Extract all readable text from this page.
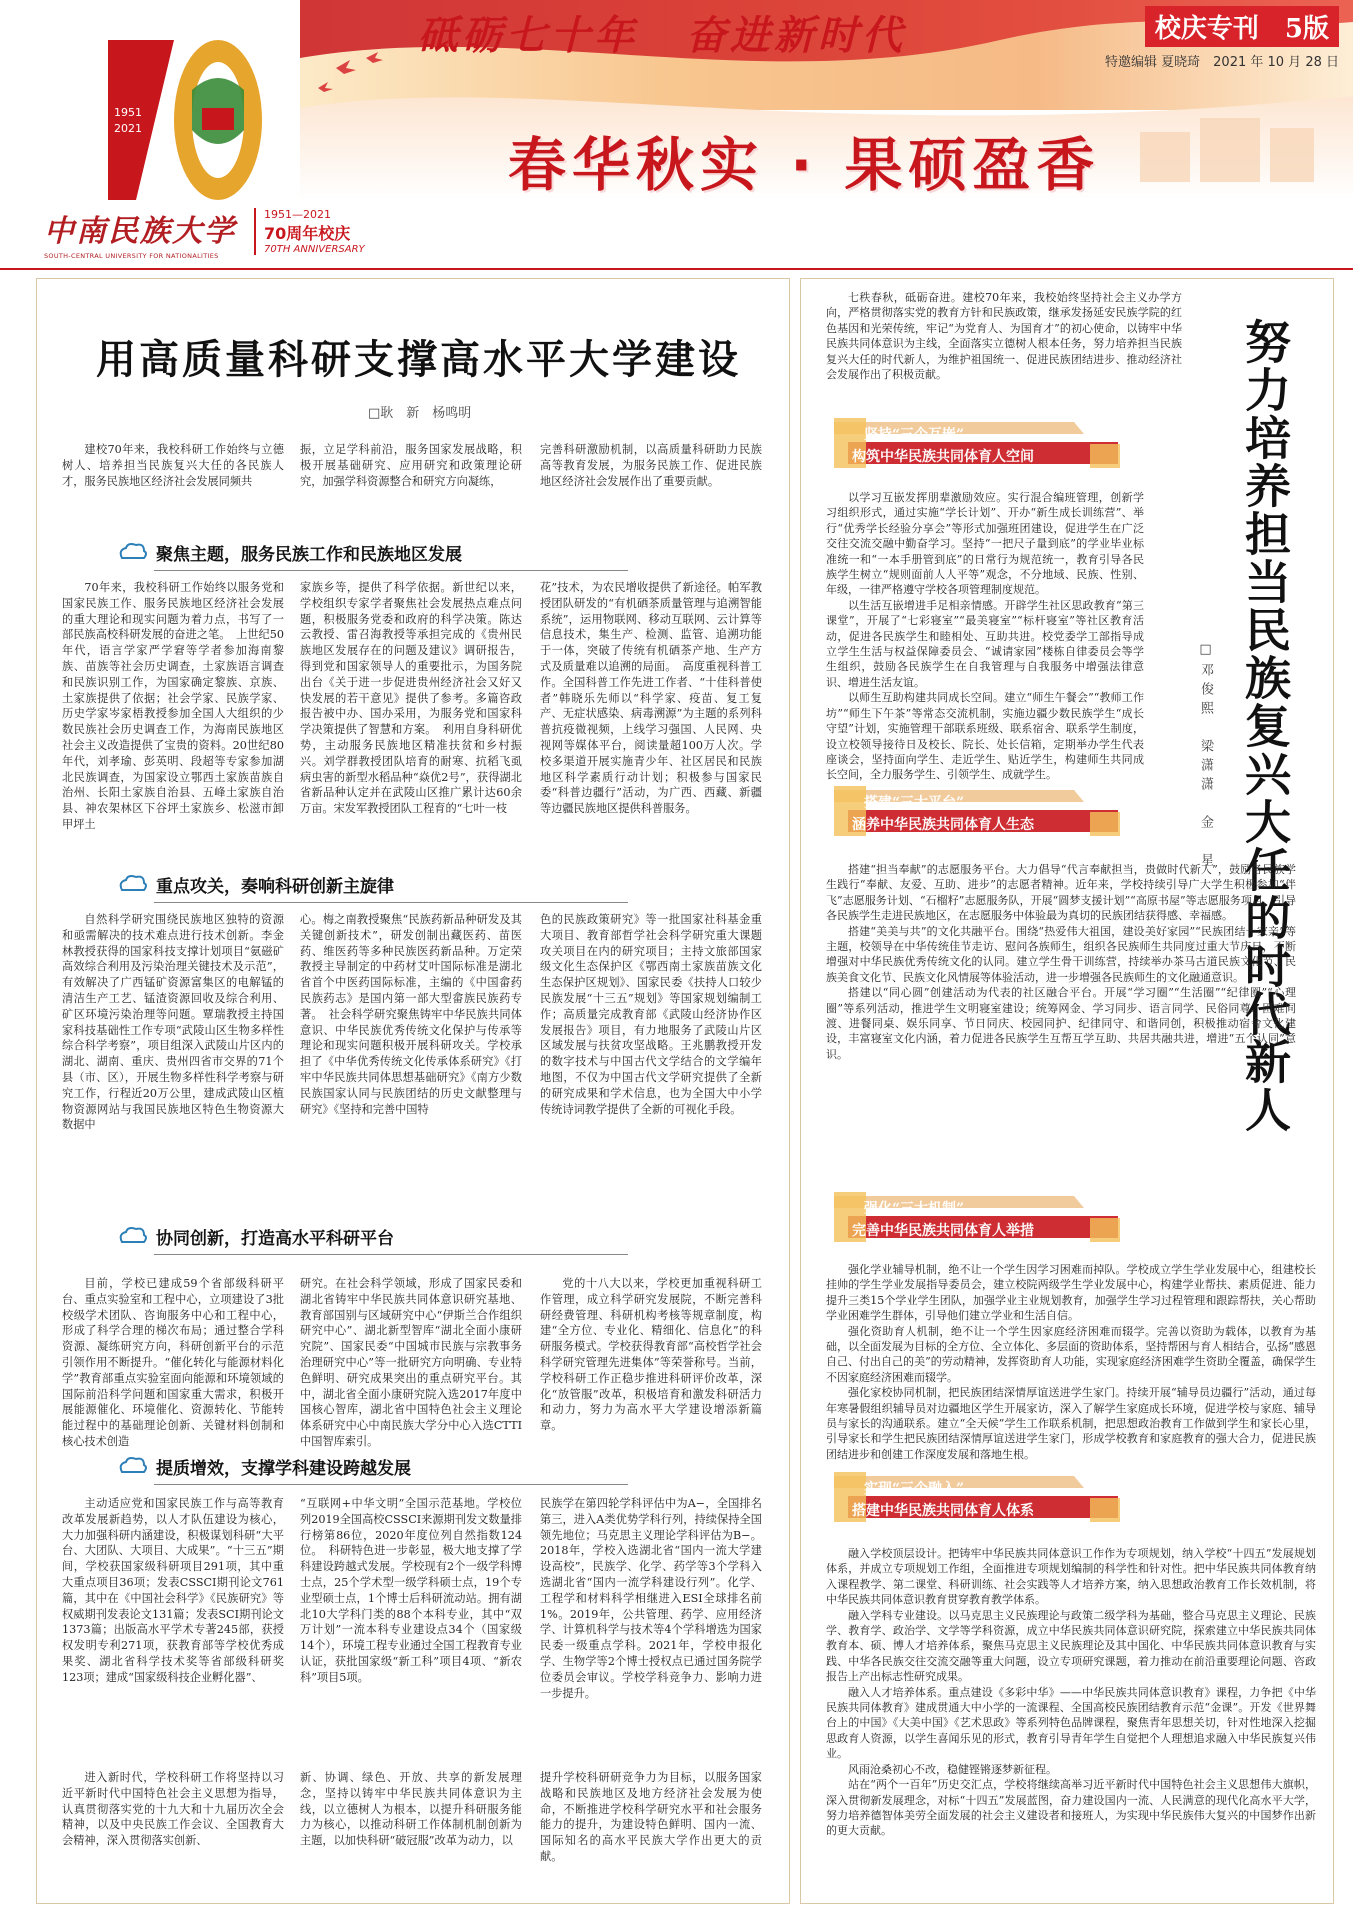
1951
2021
砥砺七十年 奋进新时代	校庆专刊　5版
特邀编辑 夏晓琦　2021 年 10 月 28 日
春华秋实 · 果硕盈香
中南民族大学
SOUTH-CENTRAL UNIVERSITY FOR NATIONALITIES
1951—2021
70周年校庆
70TH ANNIVERSARY
用高质量科研支撑高水平大学建设
□耿　新　杨鸣明

建校70年来，我校科研工作始终与立德树人、培养担当民族复兴大任的各民族人才，服务民族地区经济社会发展同频共

振，立足学科前沿，服务国家发展战略，积极开展基础研究、应用研究和政策理论研究，加强学科资源整合和研究方向凝练，

完善科研激励机制，以高质量科研助力民族高等教育发展，为服务民族工作、促进民族地区经济社会发展作出了重要贡献。

聚焦主题，服务民族工作和民族地区发展

70年来，我校科研工作始终以服务党和国家民族工作、服务民族地区经济社会发展的重大理论和现实问题为着力点，书写了一部民族高校科研发展的奋进之笔。　上世纪50年代，语言学家严学窘等学者参加海南黎族、苗族等社会历史调查，土家族语言调查和民族识别工作，为国家确定黎族、京族、土家族提供了依据；社会学家、民族学家、历史学家岑家梧教授参加全国人大组织的少数民族社会历史调查工作，为海南民族地区社会主义改造提供了宝贵的资料。20世纪80年代，刘孝瑜、彭英明、段超等专家参加湖北民族调查，为国家设立鄂西土家族苗族自治州、长阳土家族自治县、五峰土家族自治县、神农架林区下谷坪土家族乡、松滋市卸甲坪土

家族乡等，提供了科学依据。新世纪以来，学校组织专家学者聚焦社会发展热点难点问题，积极服务党委和政府的科学决策。陈达云教授、雷召海教授等承担完成的《贵州民族地区发展存在的问题及建议》调研报告，得到党和国家领导人的重要批示，为国务院出台《关于进一步促进贵州经济社会又好又快发展的若干意见》提供了参考。多篇咨政报告被中办、国办采用，为服务党和国家科学决策提供了智慧和方案。　利用自身科研优势，主动服务民族地区精准扶贫和乡村振兴。刘学群教授团队培育的耐寒、抗稻飞虱病虫害的新型水稻品种“焱优2号”，获得湖北省新品种认定并在武陵山区推广累计达60余万亩。宋发军教授团队工程育的“七叶一枝

花”技术，为农民增收提供了新途径。帕军教授团队研发的“有机硒茶质量管理与追溯智能系统”，运用物联网、移动互联网、云计算等信息技术，集生产、检测、监管、追溯功能于一体，突破了传统有机硒茶产地、生产方式及质量难以追溯的局面。　高度重视科普工作。全国科普工作先进工作者、“十佳科普使者”韩晓乐先师以“科学家、疫苗、复工复产、无症状感染、病毒溯源”为主题的系列科普抗疫微视频，上线学习强国、人民网、央视网等媒体平台，阅读量超100万人次。学校多渠道开展实施青少年、社区居民和民族地区科学素质行动计划；积极参与国家民委“科普边疆行”活动，为广西、西藏、新疆等边疆民族地区提供科普服务。

重点攻关，奏响科研创新主旋律

自然科学研究围绕民族地区独特的资源和亟需解决的技术难点进行技术创新。李金林教授获得的国家科技支撑计划项目“氨磁矿高效综合利用及污染治理关键技术及示范”，有效解决了广西锰矿资源富集区的电解锰的清洁生产工艺、锰渣资源回收及综合利用、矿区环境污染治理等问题。覃瑞教授主持国家科技基础性工作专项“武陵山区生物多样性综合科学考察”，项目组深入武陵山片区内的湖北、湖南、重庆、贵州四省市交界的71个县（市、区），开展生物多样性科学考察与研究工作，行程近20万公里，建成武陵山区植物资源网站与我国民族地区特色生物资源大数据中

心。梅之南教授聚焦“民族药新品种研发及其关键创新技术”，研发创制出藏医药、苗医药、维医药等多种民族医药新品种。万定荣教授主导制定的中药材艾叶国际标准是湖北省首个中医药国际标准，主编的《中国畲药民族药志》是国内第一部大型畲族民族药专著。　社会科学研究聚焦铸牢中华民族共同体意识、中华民族优秀传统文化保护与传承等理论和现实问题积极开展科研攻关。学校承担了《中华优秀传统文化传承体系研究》《打牢中华民族共同体思想基础研究》《南方少数民族国家认同与民族团结的历史文献整理与研究》《坚持和完善中国特

色的民族政策研究》等一批国家社科基金重大项目、教育部哲学社会科学研究重大课题攻关项目在内的研究项目；主持文旅部国家级文化生态保护区《鄂西南土家族苗族文化生态保护区规划》、国家民委《扶持人口较少民族发展“十三五”规划》等国家规划编制工作；高质量完成教育部《武陵山经济协作区发展报告》项目，有力地服务了武陵山片区区域发展与扶贫攻坚战略。王兆鹏教授开发的数字技术与中国古代文学结合的文学编年地图，不仅为中国古代文学研究提供了全新的研究成果和学术信息，也为全国大中小学传统诗词教学提供了全新的可视化手段。

协同创新，打造高水平科研平台

目前，学校已建成59个省部级科研平台、重点实验室和工程中心，立项建设了3批校级学术团队、咨询服务中心和工程中心，形成了科学合理的梯次布局；通过整合学科资源、凝练研究方向，科研创新平台的示范引领作用不断提升。“催化转化与能源材料化学”教育部重点实验室面向能源和环境领域的国际前沿科学问题和国家重大需求，积极开展能源催化、环境催化、资源转化、节能转能过程中的基础理论创新、关键材料创制和核心技术创造

研究。在社会科学领域，形成了国家民委和湖北省铸牢中华民族共同体意识研究基地、教育部国别与区域研究中心“伊斯兰合作组织研究中心”、湖北新型智库“湖北全面小康研究院”、国家民委“中国城市民族与宗教事务治理研究中心”等一批研究方向明确、专业特色鲜明、研究成果突出的重点研究平台。其中，湖北省全面小康研究院入选2017年度中国核心智库，湖北省中国特色社会主义理论体系研究中心中南民族大学分中心入选CTTI中国智库索引。

党的十八大以来，学校更加重视科研工作管理，成立科学研究发展院，不断完善科研经费管理、科研机构考核等规章制度，构建“全方位、专业化、精细化、信息化”的科研服务模式。学校获得教育部“高校哲学社会科学研究管理先进集体”等荣誉称号。当前，学校科研工作正稳步推进科研评价改革，深化“放管服”改革，积极培育和激发科研活力和动力，努力为高水平大学建设增添新篇章。

提质增效，支撑学科建设跨越发展

主动适应党和国家民族工作与高等教育改革发展新趋势，以人才队伍建设为核心，大力加强科研内涵建设，积极谋划科研“大平台、大团队、大项目、大成果”。“十三五”期间，学校获国家级科研项目291项，其中重大重点项目36项；发表CSSCI期刊论文761篇，其中在《中国社会科学》《民族研究》等权威期刊发表论文131篇；发表SCI期刊论文1373篇；出版高水平学术专著245部，获授权发明专利271项，获教育部等学校优秀成果奖、湖北省科学技术奖等省部级科研奖123项；建成“国家级科技企业孵化器”、

“互联网+中华文明”全国示范基地。学校位列2019全国高校CSSCI来源期刊发文数量排行榜第86位，2020年度位列自然指数124位。　科研特色进一步彰显，极大地支撑了学科建设跨越式发展。学校现有2个一级学科博士点，25个学术型一级学科硕士点，19个专业型硕士点，1个博士后科研流动站。拥有湖北10大学科门类的88个本科专业，其中“双万计划”一流本科专业建设点34个（国家级14个），环境工程专业通过全国工程教育专业认证，获批国家级“新工科”项目4项、“新农科”项目5项。

民族学在第四轮学科评估中为A−，全国排名第三，进入A类优势学科行列，持续保持全国领先地位；马克思主义理论学科评估为B−。2018年，学校入选湖北省“国内一流大学建设高校”，民族学、化学、药学等3个学科入选湖北省“国内一流学科建设行列”。化学、工程学和材料科学相继进入ESI全球排名前1%。2019年，公共管理、药学、应用经济学、计算机科学与技术等4个学科增选为国家民委一级重点学科。2021年，学校申报化学、生物学等2个博士授权点已通过国务院学位委员会审议。学校学科竞争力、影响力进一步提升。

进入新时代，学校科研工作将坚持以习近平新时代中国特色社会主义思想为指导，认真贯彻落实党的十九大和十九届历次全会精神，以及中央民族工作会议、全国教育大会精神，深入贯彻落实创新、

新、协调、绿色、开放、共享的新发展理念，坚持以铸牢中华民族共同体意识为主线，以立德树人为根本，以提升科研服务能力为核心，以推动科研工作体制机制创新为主题，以加快科研“破冠服”改革为动力，以

提升学校科研研竞争力为目标，以服务国家战略和民族地区及地方经济社会发展为使命，不断推进学校科学研究水平和社会服务能力的提升，为建设特色鲜明、国内一流、国际知名的高水平民族大学作出更大的贡献。

努力培养担当民族复兴大任的时代新人
□邓俊熙　梁潇潇　金　星

七秩春秋，砥砺奋进。建校70年来，我校始终坚持社会主义办学方向，严格贯彻落实党的教育方针和民族政策，继承发扬延安民族学院的红色基因和光荣传统，牢记“为党育人、为国育才”的初心使命，以铸牢中华民族共同体意识为主线，全面落实立德树人根本任务，努力培养担当民族复兴大任的时代新人，为维护祖国统一、促进民族团结进步、推动经济社会发展作出了积极贡献。

坚持“三个互嵌”，
构筑中华民族共同体育人空间

以学习互嵌发挥朋辈激励效应。实行混合编班管理，创新学习组织形式，通过实施“学长计划”、开办“新生成长训练营”、举行“优秀学长经验分享会”等形式加强班团建设，促进学生在广泛交往交流交融中勤奋学习。坚持“一把尺子量到底”的学业毕业标准统一和“一本手册管到底”的日常行为规范统一，教育引导各民族学生树立“规则面前人人平等”观念，不分地域、民族、性别、年级，一律严格遵守学校各项管理制度规范。

以生活互嵌增进手足相亲情感。开辟学生社区思政教育“第三课堂”，开展了“七彩寝室”“最美寝室”“标杆寝室”等社区教育活动，促进各民族学生和睦相处、互助共进。校党委学工部指导成立学生生活与权益保障委员会、“诚请家园”楼栋自律委员会等学生组织，鼓励各民族学生在自我管理与自我服务中增强法律意识、增进生活友谊。

以师生互助构建共同成长空间。建立“师生午餐会”“教师工作坊”“师生下午茶”等常态交流机制，实施边疆少数民族学生“成长守望”计划，实施管理干部联系班级、联系宿舍、联系学生制度，设立校领导接待日及校长、院长、处长信箱，定期举办学生代表座谈会，坚持面向学生、走近学生、贴近学生，构建师生共同成长空间，全力服务学生、引领学生、成就学生。

搭建“三大平台”，
涵养中华民族共同体育人生态

搭建“担当奉献”的志愿服务平台。大力倡导“代言奉献担当，贵做时代新人”，鼓励各民族学生践行“奉献、友爱、互助、进步”的志愿者精神。近年来，学校持续引导广大学生积极参加“伴飞”志愿服务计划、“石榴籽”志愿服务队，开展“圆梦支援计划”“高原书屋”等志愿服务项目，引导各民族学生走进民族地区，在志愿服务中体验最为真切的民族团结获得感、幸福感。

搭建“美美与共”的文化共融平台。围绕“热爱伟大祖国，建设美好家园”“民族团结一家亲”等主题，校领导在中华传统佳节走访、慰问各族师生，组织各民族师生共同度过重大节庆日，不断增强对中华民族优秀传统文化的认同。建立学生骨干训练营，持续举办茶马古道民族文化节、民族美食文化节、民族文化风情展等体验活动，进一步增强各民族师生的文化融通意识。

搭建以“同心圆”创建活动为代表的社区融合平台。开展“学习圈”“生活圈”“纪律圈”“心理圈”等系列活动，推进学生文明寝室建设；统筹网金、学习同步、语言同学、民俗同尊、困难同渡、进餐同桌、娱乐同享、节日同庆、校园同护、纪律同守、和谐同创，积极推动宿舍文化建设，丰富寝室文化内涵，着力促进各民族学生互帮互学互助、共居共融共进，增进“五个认同”意识。

强化“三大机制”，
完善中华民族共同体育人举措

强化学业辅导机制，绝不让一个学生因学习困难而掉队。学校成立学生学业发展中心，组建校长挂帅的学生学业发展指导委员会，建立校院两级学生学业发展中心，构建学业帮扶、素质促进、能力提升三类15个学业学生团队，加强学业主业规划教育，加强学生学习过程管理和跟踪帮扶，关心帮助学业困难学生群体，引导他们建立学业和生活自信。

强化资助育人机制，绝不让一个学生因家庭经济困难而辍学。完善以资助为载体，以教育为基础，以全面发展为目标的全方位、全立体化、多层面的资助体系，坚持帮困与育人相结合，弘扬“感恩自己、付出自己的美”的劳动精神，发挥资助育人功能，实现家庭经济困难学生资助全覆盖，确保学生不因家庭经济困难而辍学。

强化家校协同机制，把民族团结深情厚谊送进学生家门。持续开展“辅导员边疆行”活动，通过每年寒暑假组织辅导员对边疆地区学生开展家访，深入了解学生家庭成长环境，促进学校与家庭、辅导员与家长的沟通联系。建立“全天候”学生工作联系机制，把思想政治教育工作做到学生和家长心里，引导家长和学生把民族团结深情厚谊送进学生家门，形成学校教育和家庭教育的强大合力，促进民族团结进步和创建工作深度发展和落地生根。

实现“三个融入”，
搭建中华民族共同体育人体系

融入学校顶层设计。把铸牢中华民族共同体意识工作作为专项规划，纳入学校“十四五”发展规划体系，并成立专项规划工作组，全面推进专项规划编制的科学性和针对性。把中华民族共同体教育纳入课程教学、第二课堂、科研训练、社会实践等人才培养方案，纳入思想政治教育工作长效机制，将中华民族共同体意识教育贯穿教育教学体系。

融入学科专业建设。以马克思主义民族理论与政策二级学科为基础，整合马克思主义理论、民族学、教育学、政治学、文学等学科资源，成立中华民族共同体意识研究院，探索建立中华民族共同体教育本、硕、博人才培养体系，聚焦马克思主义民族理论及其中国化、中华民族共同体意识教育与实践、中华各民族交往交流交融等重大问题，设立专项研究课题，着力推动在前沿重要理论问题、咨政报告上产出标志性研究成果。

融入人才培养体系。重点建设《多彩中华》——中华民族共同体意识教育》课程，力争把《中华民族共同体教育》建成贯通大中小学的一流课程、全国高校民族团结教育示范“金课”。开发《世界舞台上的中国》《大美中国》《艺术思政》等系列特色品牌课程，聚焦青年思想关切，针对性地深入挖掘思政育人资源，以学生喜闻乐见的形式，教育引导青年学生自觉把个人理想追求融入中华民族复兴伟业。

风雨沧桑初心不改，稳健铿锵逐梦新征程。

站在“两个一百年”历史交汇点，学校将继续高举习近平新时代中国特色社会主义思想伟大旗帜，深入贯彻新发展理念，对标“十四五”发展蓝图，奋力建设国内一流、人民满意的现代化高水平大学，努力培养德智体美劳全面发展的社会主义建设者和接班人，为实现中华民族伟大复兴的中国梦作出新的更大贡献。
